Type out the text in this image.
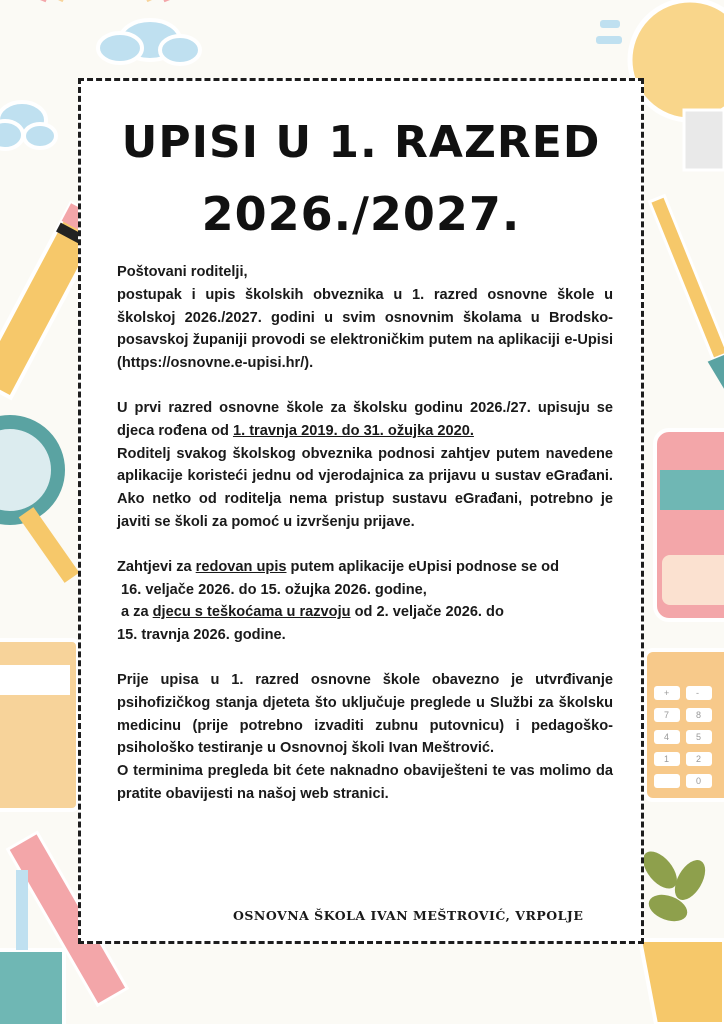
+	-
7	8
4	5
1	2
0
UPISI U 1. RAZRED
2026./2027.

Poštovani roditelji,

postupak i upis školskih obveznika u 1. razred osnovne škole u školskoj 2026./2027. godini u svim osnovnim školama u Brodsko-posavskoj županiji provodi se elektroničkim putem na aplikaciji e-Upisi (https://osnovne.e-upisi.hr/).

U prvi razred osnovne škole za školsku godinu 2026./27. upisuju se djeca rođena od 1. travnja 2019. do 31. ožujka 2020.

Roditelj svakog školskog obveznika podnosi zahtjev putem navedene aplikacije koristeći jednu od vjerodajnica za prijavu u sustav eGrađani. Ako netko od roditelja nema pristup sustavu eGrađani, potrebno je javiti se školi za pomoć u izvršenju prijave.

Zahtjevi za redovan upis putem aplikacije eUpisi podnose se od

16. veljače 2026. do 15. ožujka 2026. godine,

a za djecu s teškoćama u razvoju od 2. veljače 2026. do

15. travnja 2026. godine.

Prije upisa u 1. razred osnovne škole obavezno je utvrđivanje psihofizičkog stanja djeteta što uključuje preglede u Službi za školsku medicinu (prije potrebno izvaditi zubnu putovnicu) i pedagoško-psihološko testiranje u Osnovnoj školi Ivan Meštrović.

O terminima pregleda bit ćete naknadno obaviješteni te vas molimo da pratite obavijesti na našoj web stranici.

OSNOVNA ŠKOLA IVAN MEŠTROVIĆ, VRPOLJE
